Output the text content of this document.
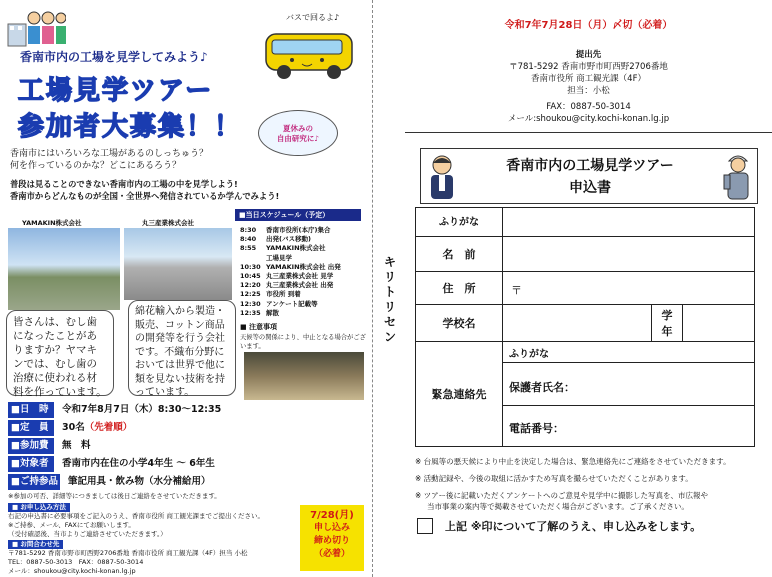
香南市内の工場を見学してみよう♪
バスで回るよ♪
工場見学ツアー
参加者大募集！！	夏休みの
自由研究に♪
香南市にはいろいろな工場があるのしっちゅう？
何を作っているのかな？どこにあるろう？
普段は見ることのできない香南市内の工場の中を見学しよう!
香南市からどんなものが全国・全世界へ発信されているか学んでみよう!
YAMAKIN株式会社	丸三産業株式会社
皆さんは、むし歯になったことがありますか？ヤマキンでは、むし歯の治療に使われる材料を作っています。
綿花輸入から製造・販売、コットン商品の開発等を行う会社です。不織布分野においては世界で他に類を見ない技術を持っています。
■当日スケジュール（予定）
8:30 香南市役所(本庁)集合
8:40 出発(バス移動)
8:55 YAMAKIN株式会社
工場見学
10:30 YAMAKIN株式会社 出発
10:45 丸三産業株式会社 見学
12:20 丸三産業株式会社 出発
12:25 市役所 到着
12:30 アンケート記載等
12:35 解散
■ 注意事項
天候等の関係により、中止となる場合がございます。
■日　時	令和7年8月7日（木）8:30～12:35
■定　員	30名（先着順）
■参加費	無　料
■対象者	香南市内在住の小学4年生 ～ 6年生
■ご持参品	筆記用具・飲み物（水分補給用）
※参加の可否、詳細等につきましては後日ご連絡をさせていただきます。
■ お申し込み方法
右記の申込書に必要事項をご記入のうえ、香南市役所 商工観光課までご提出ください。
※ご持参、メール、FAXにてお願いします。
（受付確認後、当市よりご連絡させていただきます。）
■ お問合わせ先
〒781-5292 香南市野市町西野2706番地 香南市役所 商工観光課（4F）担当 小松
TEL：0887-50-3013　FAX：0887-50-3014
メール：shoukou@city.kochi-konan.lg.jp
7/28(月)
申し込み
締め切り
（必着）
キリトリセン
令和7年7月28日（月）〆切（必着）
提出先
〒781-5292 香南市野市町西野2706番地
香南市役所 商工観光課（4F）
担当：小松
FAX：0887-50-3014
メール:shoukou@city.kochi-konan.lg.jp
香南市内の工場見学ツアー
申込書
ふりがな
名　前
住　所	〒
学校名
学
年
緊急連絡先
ふりがな
保護者氏名：
電話番号：
※ 台風等の悪天候により中止を決定した場合は、緊急連絡先にご連絡をさせていただきます。
※ 活動記録や、今後の取組に活かすため写真を撮らせていただくことがあります。
※ ツアー後に記載いただくアンケートへのご意見や見学中に撮影した写真を、市広報や
当市事業の案内等で掲載させていただく場合がございます。ご了承ください。
上記 ※印について了解のうえ、申し込みをします。
